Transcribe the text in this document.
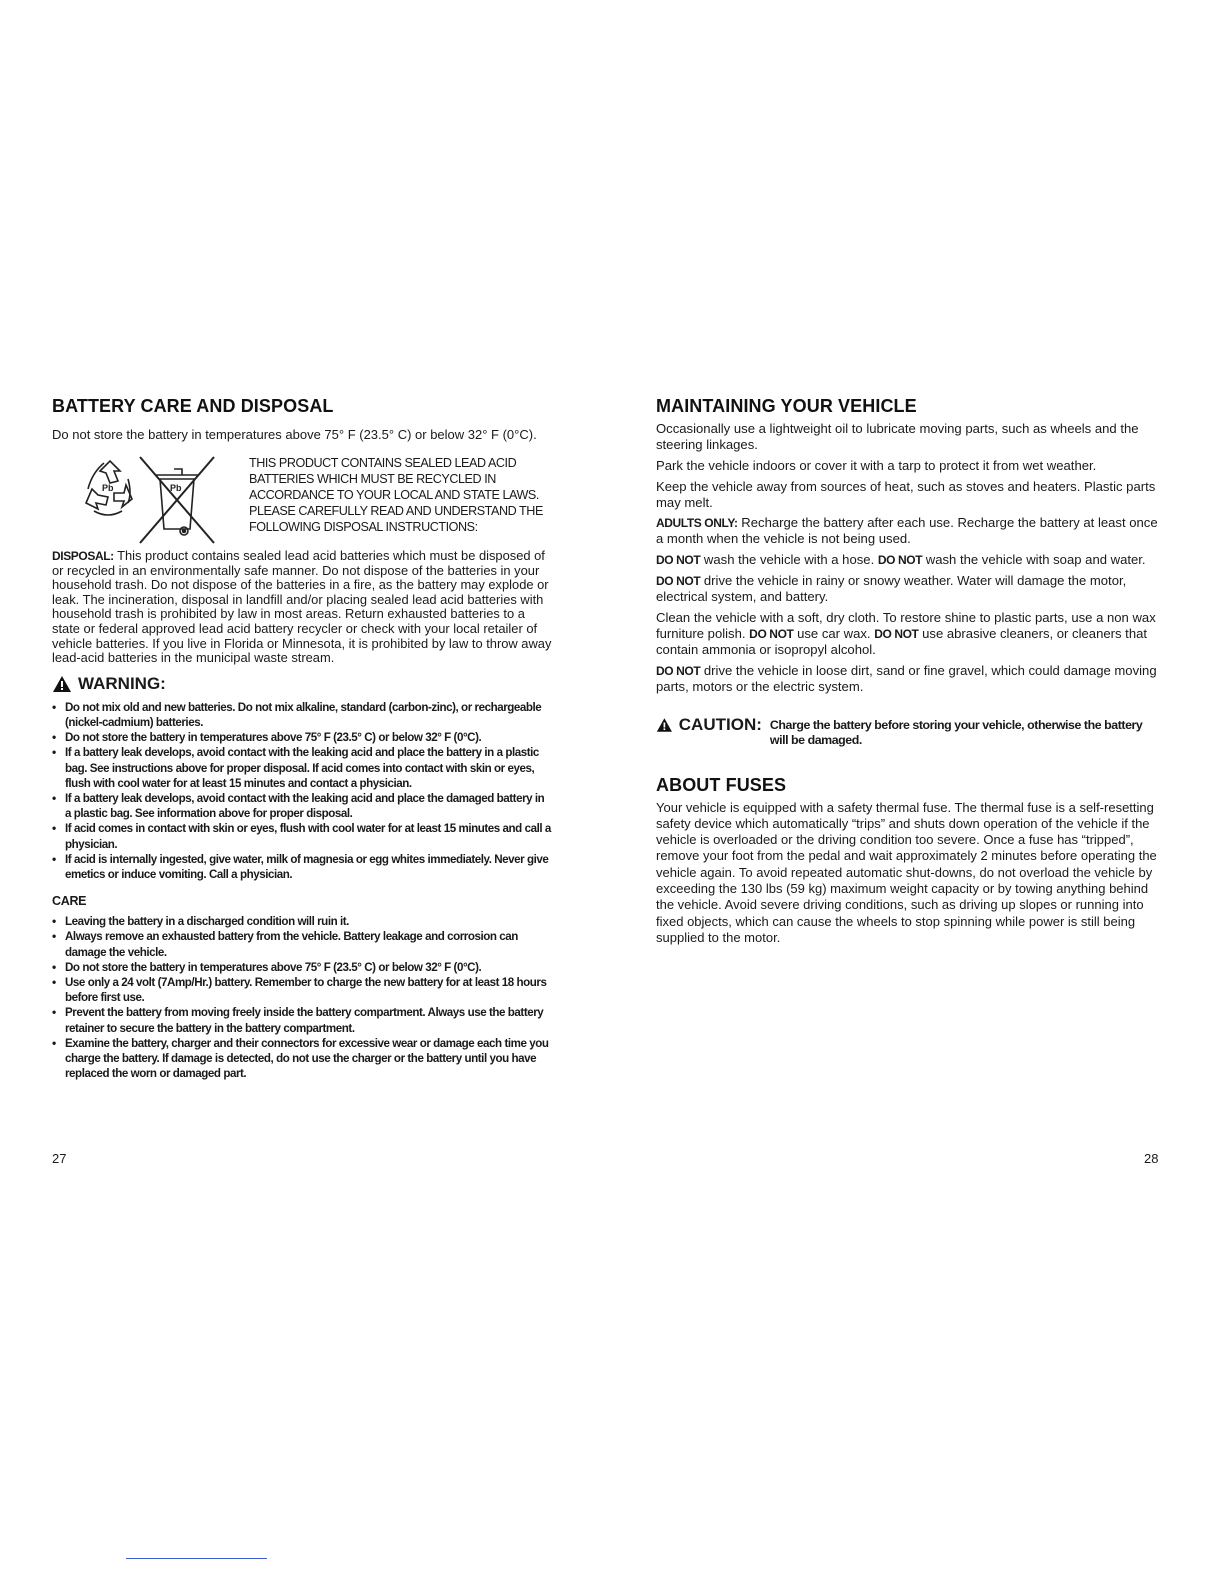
BATTERY CARE AND DISPOSAL

Do not store the battery in temperatures above 75° F (23.5° C) or below 32° F (0°C).

Pb	Pb
THIS PRODUCT CONTAINS SEALED LEAD ACID
BATTERIES WHICH MUST BE RECYCLED IN
ACCORDANCE TO YOUR LOCAL AND STATE LAWS.
PLEASE CAREFULLY READ AND UNDERSTAND THE
FOLLOWING DISPOSAL INSTRUCTIONS:

DISPOSAL: This product contains sealed lead acid batteries which must be disposed of or recycled in an environmentally safe manner. Do not dispose of the batteries in your household trash. Do not dispose of the batteries in a fire, as the battery may explode or leak. The incineration, disposal in landfill and/or placing sealed lead acid batteries with household trash is prohibited by law in most areas. Return exhausted batteries to a state or federal approved lead acid battery recycler or check with your local retailer of vehicle batteries. If you live in Florida or Minnesota, it is prohibited by law to throw away lead-acid batteries in the municipal waste stream.

WARNING:
• Do not mix old and new batteries. Do not mix alkaline, standard (carbon-zinc), or rechargeable (nickel-cadmium) batteries.
• Do not store the battery in temperatures above 75° F (23.5° C) or below 32° F (0°C).
• If a battery leak develops, avoid contact with the leaking acid and place the battery in a plastic bag. See instructions above for proper disposal. If acid comes into contact with skin or eyes, flush with cool water for at least 15 minutes and contact a physician.
• If a battery leak develops, avoid contact with the leaking acid and place the damaged battery in a plastic bag. See information above for proper disposal.
• If acid comes in contact with skin or eyes, flush with cool water for at least 15 minutes and call a physician.
• If acid is internally ingested, give water, milk of magnesia or egg whites immediately. Never give emetics or induce vomiting. Call a physician.
CARE
• Leaving the battery in a discharged condition will ruin it.
• Always remove an exhausted battery from the vehicle. Battery leakage and corrosion can damage the vehicle.
• Do not store the battery in temperatures above 75° F (23.5° C) or below 32° F (0°C).
• Use only a 24 volt (7Amp/Hr.) battery. Remember to charge the new battery for at least 18 hours before first use.
• Prevent the battery from moving freely inside the battery compartment. Always use the battery retainer to secure the battery in the battery compartment.
• Examine the battery, charger and their connectors for excessive wear or damage each time you charge the battery. If damage is detected, do not use the charger or the battery until you have replaced the worn or damaged part.
MAINTAINING YOUR VEHICLE

Occasionally use a lightweight oil to lubricate moving parts, such as wheels and the steering linkages.

Park the vehicle indoors or cover it with a tarp to protect it from wet weather.

Keep the vehicle away from sources of heat, such as stoves and heaters. Plastic parts may melt.

ADULTS ONLY: Recharge the battery after each use. Recharge the battery at least once a month when the vehicle is not being used.

DO NOT wash the vehicle with a hose. DO NOT wash the vehicle with soap and water.

DO NOT drive the vehicle in rainy or snowy weather. Water will damage the motor, electrical system, and battery.

Clean the vehicle with a soft, dry cloth. To restore shine to plastic parts, use a non wax furniture polish. DO NOT use car wax. DO NOT use abrasive cleaners, or cleaners that contain ammonia or isopropyl alcohol.

DO NOT drive the vehicle in loose dirt, sand or fine gravel, which could damage moving parts, motors or the electric system.

CAUTION: Charge the battery before storing your vehicle, otherwise the battery will be damaged.
ABOUT FUSES

Your vehicle is equipped with a safety thermal fuse. The thermal fuse is a self-resetting safety device which automatically “trips” and shuts down operation of the vehicle if the vehicle is overloaded or the driving condition too severe. Once a fuse has “tripped”, remove your foot from the pedal and wait approximately 2 minutes before operating the vehicle again. To avoid repeated automatic shut-downs, do not overload the vehicle by exceeding the 130 lbs (59 kg) maximum weight capacity or by towing anything behind the vehicle. Avoid severe driving conditions, such as driving up slopes or running into fixed objects, which can cause the wheels to stop spinning while power is still being supplied to the motor.

27	28
